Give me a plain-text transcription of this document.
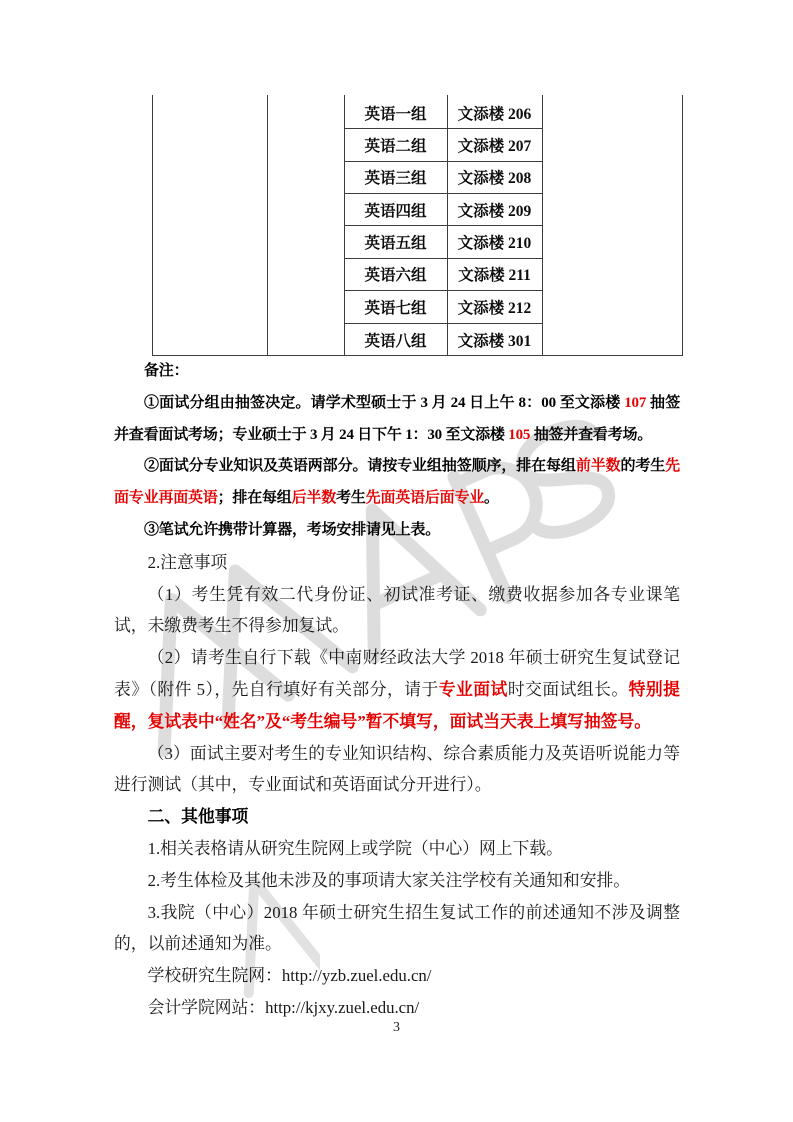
英语一组	文添楼 206
英语二组	文添楼 207
英语三组	文添楼 208
英语四组	文添楼 209
英语五组	文添楼 210
英语六组	文添楼 211
英语七组	文添楼 212
英语八组	文添楼 301

备注：

①面试分组由抽签决定。请学术型硕士于 3 月 24 日上午 8：00 至文添楼 107 抽签并查看面试考场；专业硕士于 3 月 24 日下午 1：30 至文添楼 105 抽签并查看考场。

②面试分专业知识及英语两部分。请按专业组抽签顺序，排在每组前半数的考生先面专业再面英语；排在每组后半数考生先面英语后面专业。

③笔试允许携带计算器，考场安排请见上表。

2.注意事项

（1）考生凭有效二代身份证、初试准考证、缴费收据参加各专业课笔试，未缴费考生不得参加复试。

（2）请考生自行下载《中南财经政法大学 2018 年硕士研究生复试登记表》（附件 5），先自行填好有关部分，请于专业面试时交面试组长。特别提醒，复试表中“姓名”及“考生编号”暂不填写，面试当天表上填写抽签号。

（3）面试主要对考生的专业知识结构、综合素质能力及英语听说能力等进行测试（其中，专业面试和英语面试分开进行）。

二、其他事项

1.相关表格请从研究生院网上或学院（中心）网上下载。

2.考生体检及其他未涉及的事项请大家关注学校有关通知和安排。

3.我院（中心）2018 年硕士研究生招生复试工作的前述通知不涉及调整的，以前述通知为准。

学校研究生院网：http://yzb.zuel.edu.cn/

会计学院网站：http://kjxy.zuel.edu.cn/

3
